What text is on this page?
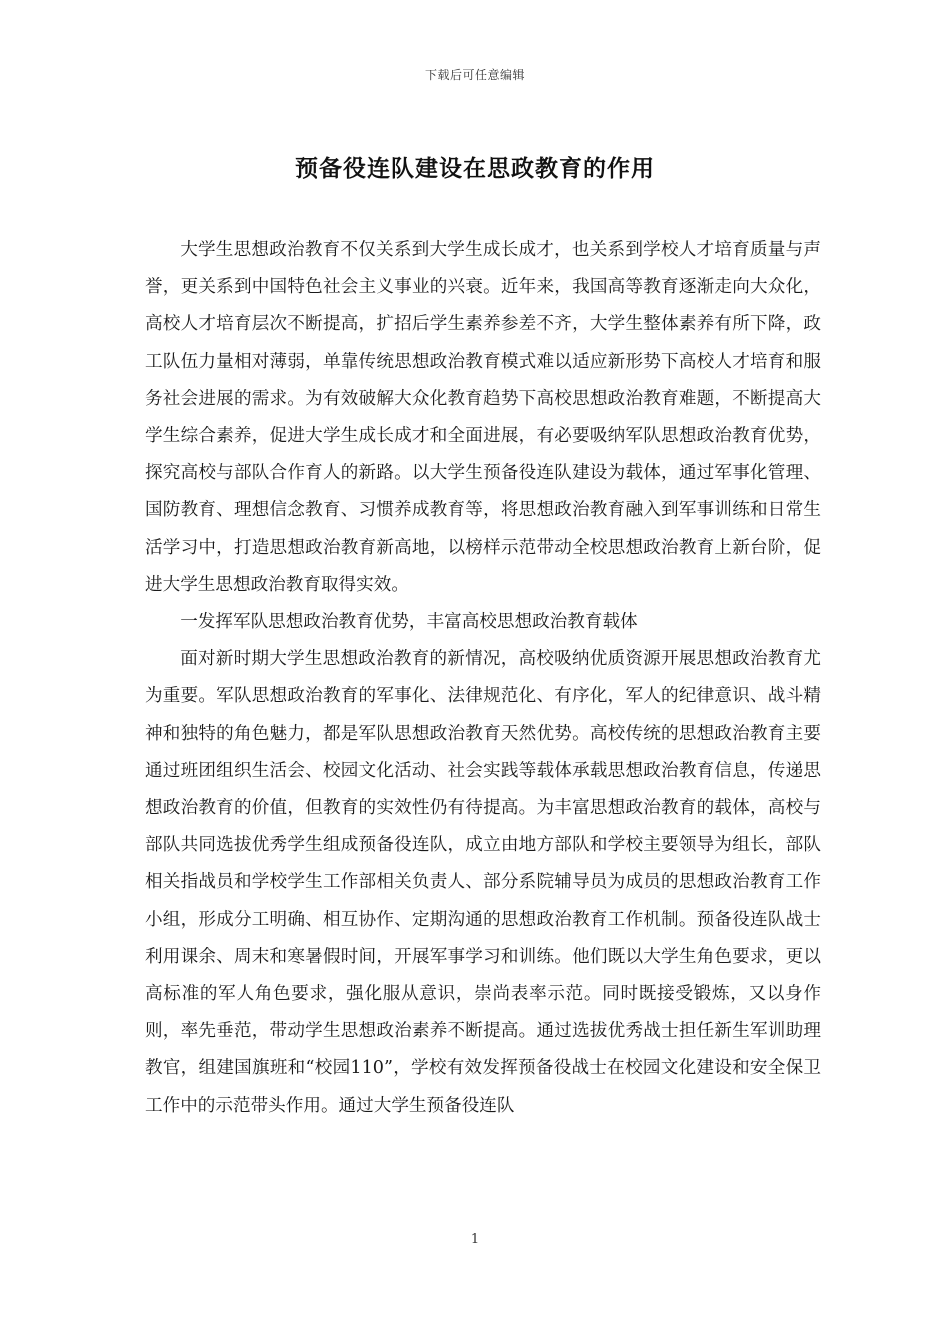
下载后可任意编辑
预备役连队建设在思政教育的作用

大学生思想政治教育不仅关系到大学生成长成才，也关系到学校人才培育质量与声誉，更关系到中国特色社会主义事业的兴衰。近年来，我国高等教育逐渐走向大众化，高校人才培育层次不断提高，扩招后学生素养参差不齐，大学生整体素养有所下降，政工队伍力量相对薄弱，单靠传统思想政治教育模式难以适应新形势下高校人才培育和服务社会进展的需求。为有效破解大众化教育趋势下高校思想政治教育难题，不断提高大学生综合素养，促进大学生成长成才和全面进展，有必要吸纳军队思想政治教育优势，探究高校与部队合作育人的新路。以大学生预备役连队建设为载体，通过军事化管理、国防教育、理想信念教育、习惯养成教育等，将思想政治教育融入到军事训练和日常生活学习中，打造思想政治教育新高地，以榜样示范带动全校思想政治教育上新台阶，促进大学生思想政治教育取得实效。

一发挥军队思想政治教育优势，丰富高校思想政治教育载体

面对新时期大学生思想政治教育的新情况，高校吸纳优质资源开展思想政治教育尤为重要。军队思想政治教育的军事化、法律规范化、有序化，军人的纪律意识、战斗精神和独特的角色魅力，都是军队思想政治教育天然优势。高校传统的思想政治教育主要通过班团组织生活会、校园文化活动、社会实践等载体承载思想政治教育信息，传递思想政治教育的价值，但教育的实效性仍有待提高。为丰富思想政治教育的载体，高校与部队共同选拔优秀学生组成预备役连队，成立由地方部队和学校主要领导为组长，部队相关指战员和学校学生工作部相关负责人、部分系院辅导员为成员的思想政治教育工作小组，形成分工明确、相互协作、定期沟通的思想政治教育工作机制。预备役连队战士利用课余、周末和寒暑假时间，开展军事学习和训练。他们既以大学生角色要求，更以高标准的军人角色要求，强化服从意识，崇尚表率示范。同时既接受锻炼，又以身作则，率先垂范，带动学生思想政治素养不断提高。通过选拔优秀战士担任新生军训助理教官，组建国旗班和“校园110”，学校有效发挥预备役战士在校园文化建设和安全保卫工作中的示范带头作用。通过大学生预备役连队

1
